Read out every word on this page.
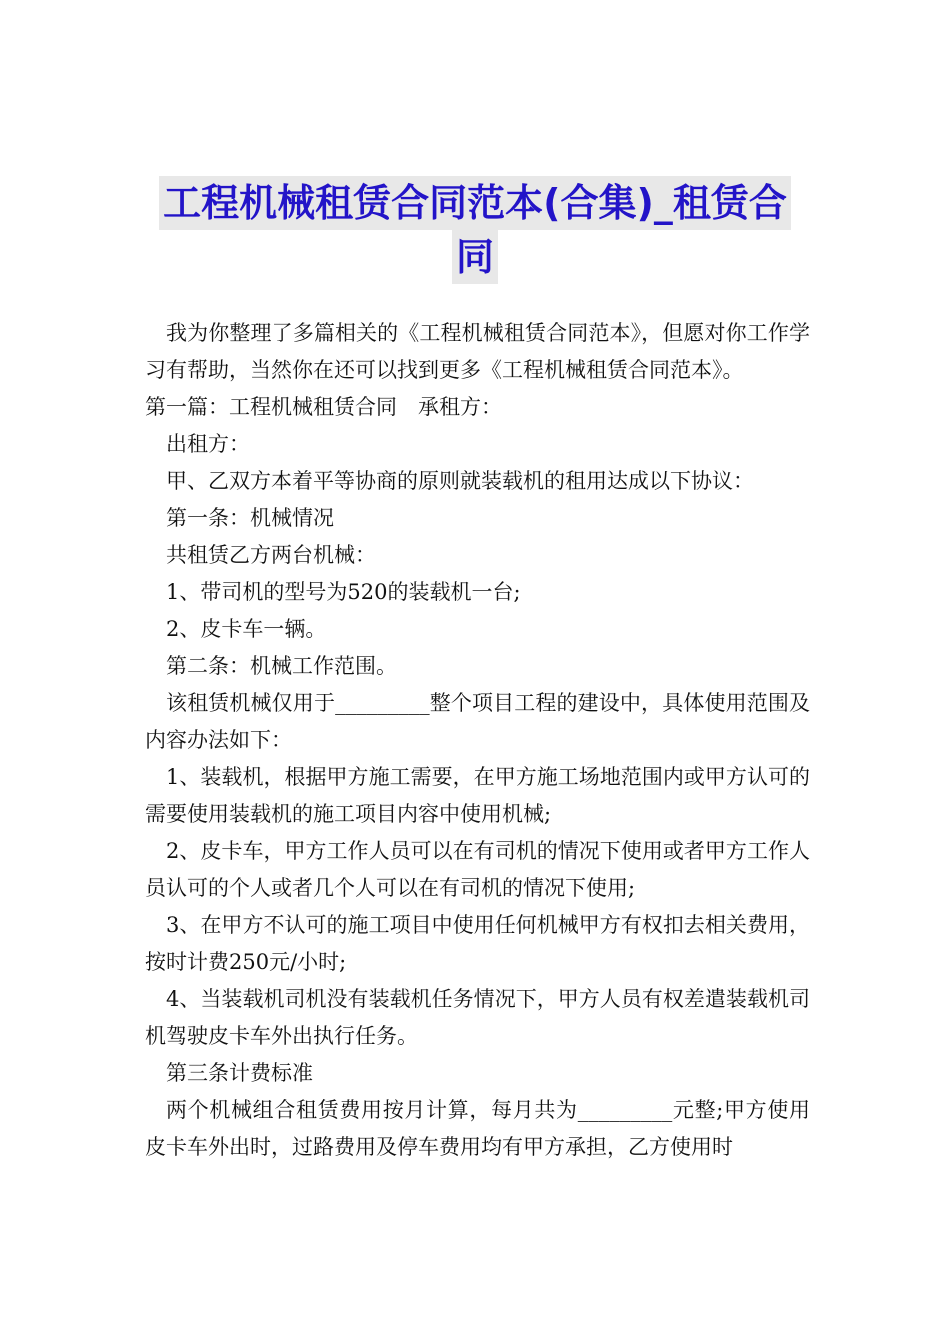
工程机械租赁合同范本(合集)_租赁合
同

我为你整理了多篇相关的《工程机械租赁合同范本》，但愿对你工作学习有帮助，当然你在还可以找到更多《工程机械租赁合同范本》。

第一篇：工程机械租赁合同　承租方：

出租方：

甲、乙双方本着平等协商的原则就装载机的租用达成以下协议：

第一条：机械情况

共租赁乙方两台机械：

1、带司机的型号为520的装载机一台;

2、皮卡车一辆。

第二条：机械工作范围。

该租赁机械仅用于_________整个项目工程的建设中，具体使用范围及内容办法如下：

1、装载机，根据甲方施工需要，在甲方施工场地范围内或甲方认可的需要使用装载机的施工项目内容中使用机械;

2、皮卡车，甲方工作人员可以在有司机的情况下使用或者甲方工作人员认可的个人或者几个人可以在有司机的情况下使用;

3、在甲方不认可的施工项目中使用任何机械甲方有权扣去相关费用，按时计费250元/小时;

4、当装载机司机没有装载机任务情况下，甲方人员有权差遣装载机司机驾驶皮卡车外出执行任务。

第三条计费标准

两个机械组合租赁费用按月计算，每月共为_________元整;甲方使用皮卡车外出时，过路费用及停车费用均有甲方承担，乙方使用时
